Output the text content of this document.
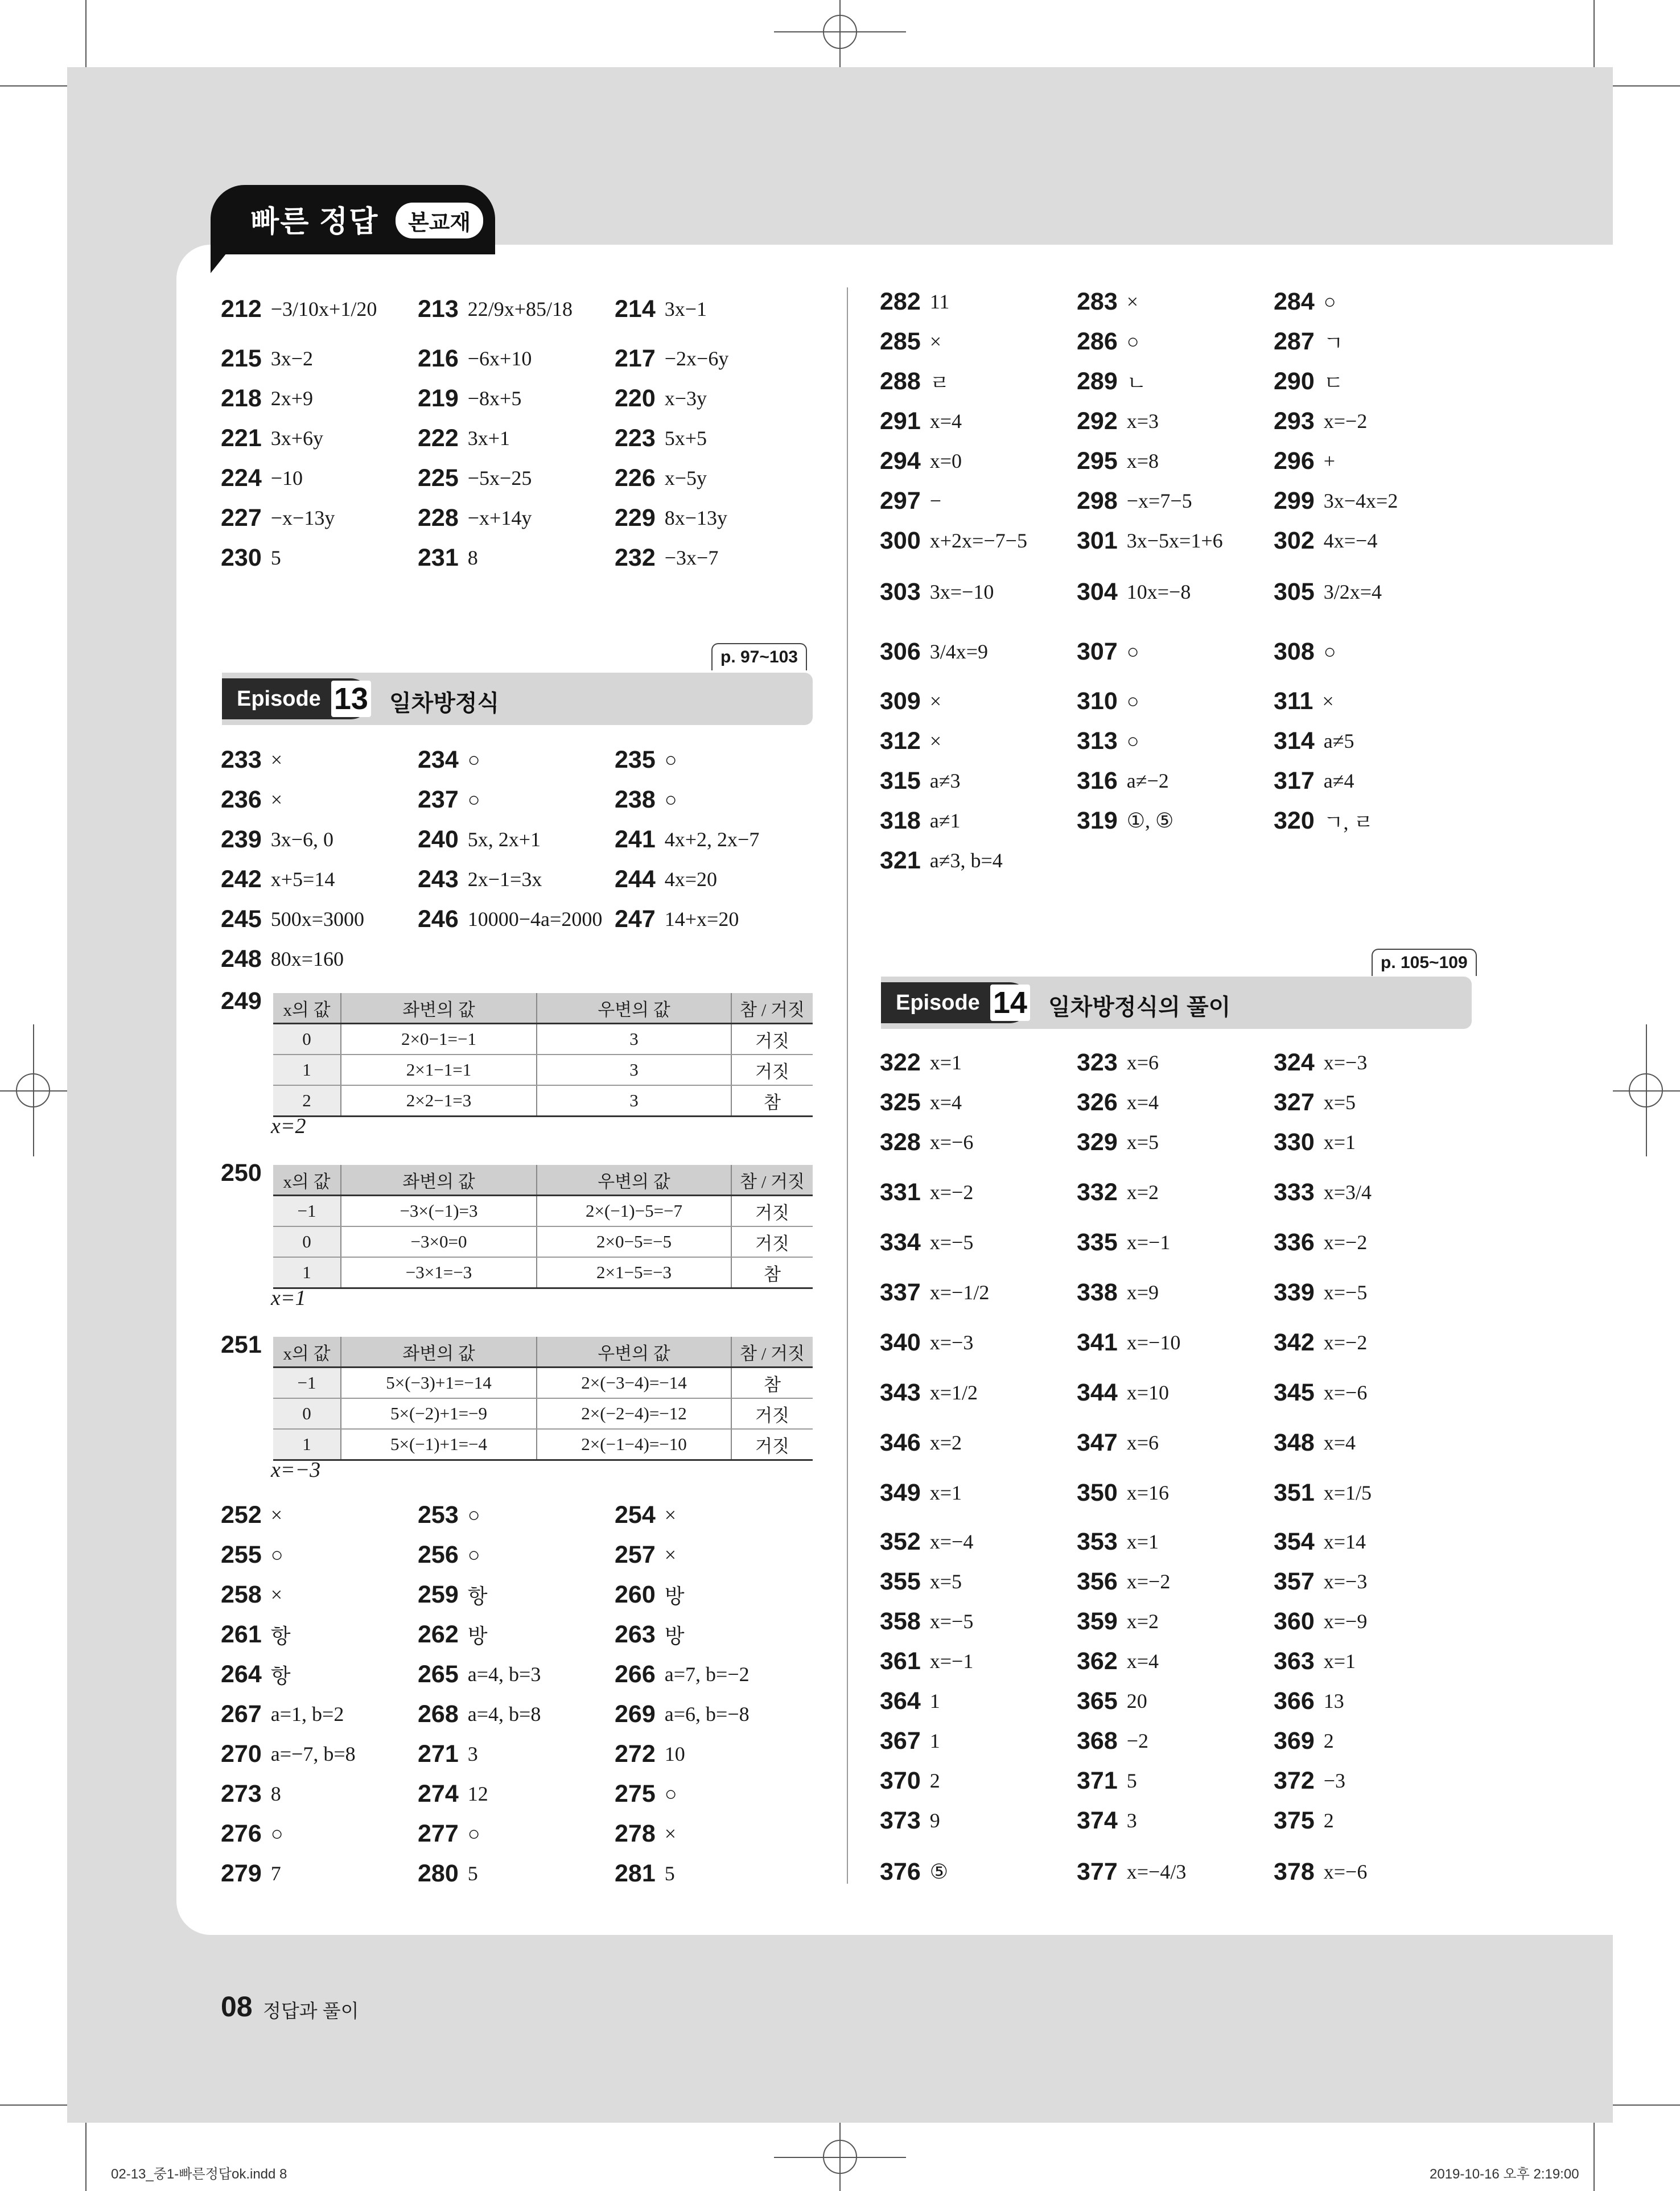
빠른 정답	본교재
p. 97~103
Episode 13 일차방정식
p. 105~109
Episode 14 일차방정식의 풀이
212 −3/10x+1/20 213 22/9x+85/18 214 3x−1
215 3x−2	216 −6x+10	217 −2x−6y
218 2x+9	219 −8x+5	220 x−3y
221 3x+6y	222 3x+1	223 5x+5
224 −10	225 −5x−25	226 x−5y
227 −x−13y	228 −x+14y	229 8x−13y
230 5	231 8	232 −3x−7
233 ×	234 ○	235 ○
236 ×	237 ○	238 ○
239 3x−6, 0	240 5x, 2x+1	241 4x+2, 2x−7
242 x+5=14	243 2x−1=3x	244 4x=20
245 500x=3000 246 10000−4a=2000 247 14+x=20
248 80x=160
252 ×	253 ○	254 ×
255 ○	256 ○	257 ×
258 ×	259 항	260 방
261 항	262 방	263 방
264 항	265 a=4, b=3	266 a=7, b=−2
267 a=1, b=2	268 a=4, b=8	269 a=6, b=−8
270 a=−7, b=8	271 3	272 10
273 8	274 12	275 ○
276 ○	277 ○	278 ×
279 7	280 5	281 5
282 11	283 ×	284 ○
285 ×	286 ○	287 ㄱ
288 ㄹ	289 ㄴ	290 ㄷ
291 x=4	292 x=3	293 x=−2
294 x=0	295 x=8	296 +
297 −	298 −x=7−5	299 3x−4x=2
300 x+2x=−7−5 301 3x−5x=1+6 302 4x=−4
303 3x=−10	304 10x=−8	305 3/2x=4
306 3/4x=9	307 ○	308 ○
309 ×	310 ○	311 ×
312 ×	313 ○	314 a≠5
315 a≠3	316 a≠−2	317 a≠4
318 a≠1	319 ①, ⑤	320 ㄱ, ㄹ
321 a≠3, b=4
322 x=1	323 x=6	324 x=−3
325 x=4	326 x=4	327 x=5
328 x=−6	329 x=5	330 x=1
331 x=−2	332 x=2	333 x=3/4
334 x=−5	335 x=−1	336 x=−2
337 x=−1/2	338 x=9	339 x=−5
340 x=−3	341 x=−10	342 x=−2
343 x=1/2	344 x=10	345 x=−6
346 x=2	347 x=6	348 x=4
349 x=1	350 x=16	351 x=1/5
352 x=−4	353 x=1	354 x=14
355 x=5	356 x=−2	357 x=−3
358 x=−5	359 x=2	360 x=−9
361 x=−1	362 x=4	363 x=1
364 1	365 20	366 13
367 1	368 −2	369 2
370 2	371 5	372 −3
373 9	374 3	375 2
376 ⑤	377 x=−4/3	378 x=−6
249 x의 값	좌변의 값	우변의 값	참 / 거짓
0	2×0−1=−1	3	거짓
1	2×1−1=1	3	거짓
2	2×2−1=3	3	참
x=2
250 x의 값	좌변의 값	우변의 값	참 / 거짓
−1	−3×(−1)=3	2×(−1)−5=−7	거짓
0	−3×0=0	2×0−5=−5	거짓
1	−3×1=−3	2×1−5=−3	참
x=1
251 x의 값	좌변의 값	우변의 값	참 / 거짓
−1	5×(−3)+1=−14	2×(−3−4)=−14	참
0	5×(−2)+1=−9	2×(−2−4)=−12	거짓
1	5×(−1)+1=−4	2×(−1−4)=−10	거짓
x=−3
08 정답과 풀이
02-13_중1-빠른정답ok.indd 8	2019-10-16 오후 2:19:00
